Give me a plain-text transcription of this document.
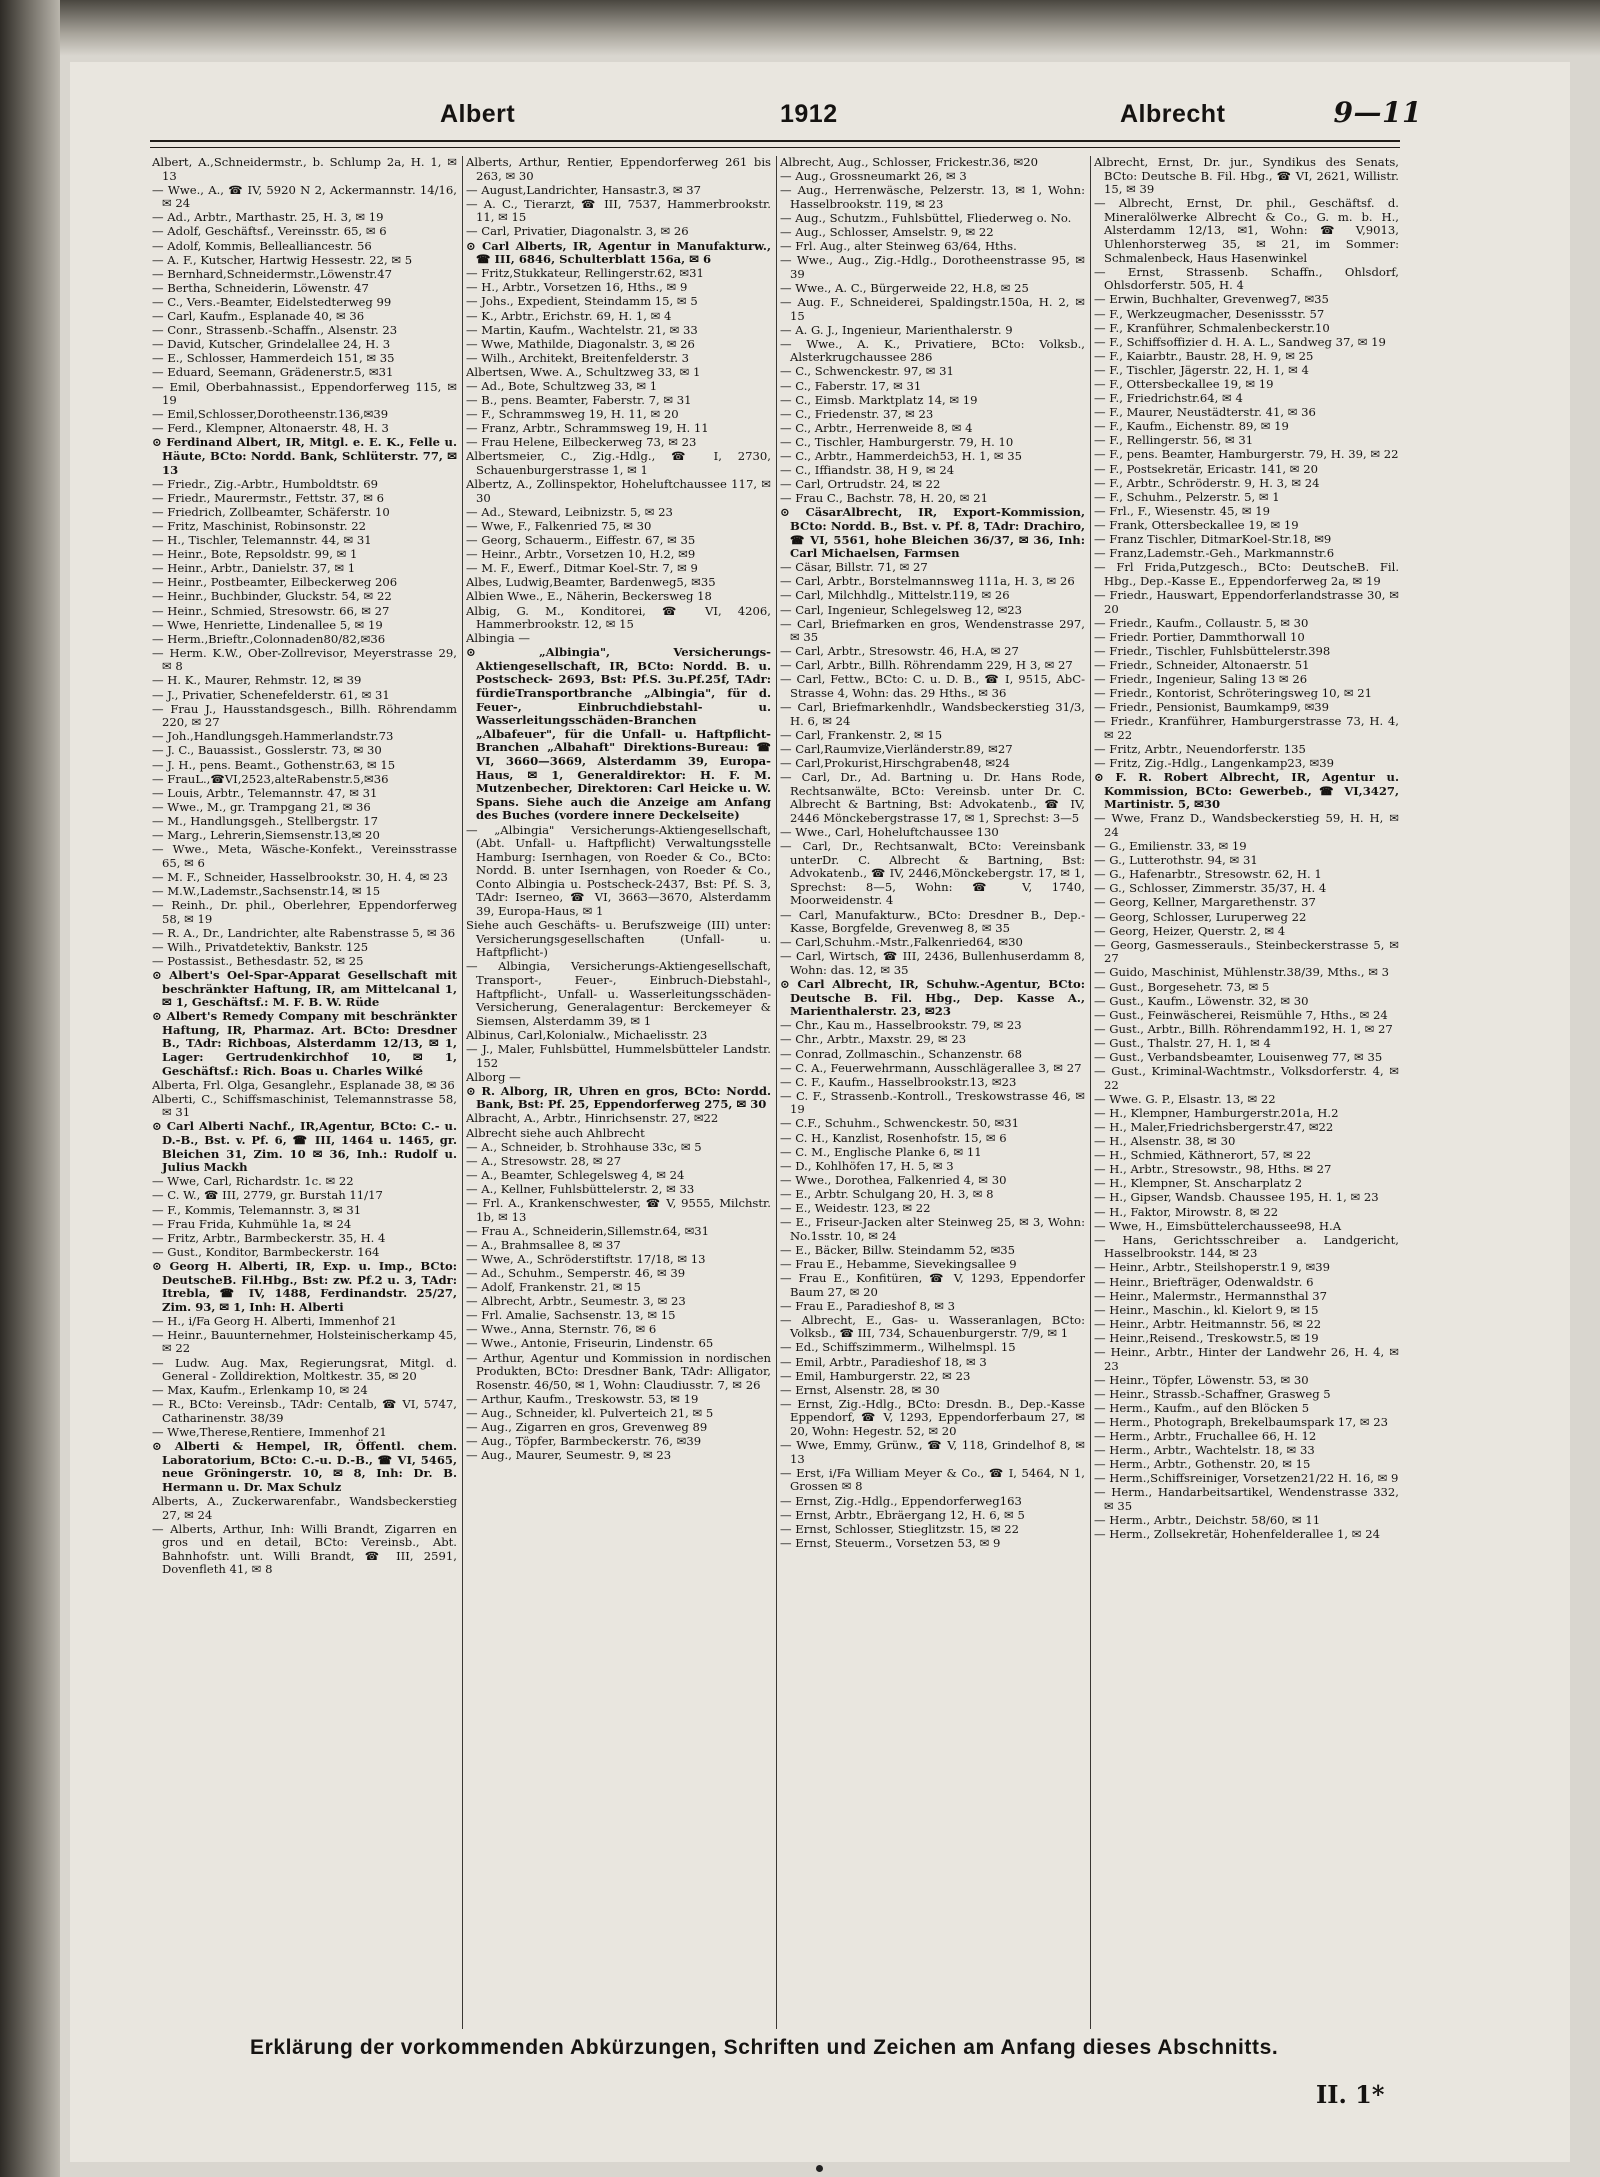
Albert	1912	Albrecht	9—11
Albert, A.,Schneidermstr., b. Schlump 2a, H. 1, ✉ 13
— Wwe., A., ☎ IV, 5920 N 2, Ackermannstr. 14/16, ✉ 24
— Ad., Arbtr., Marthastr. 25, H. 3, ✉ 19
— Adolf, Geschäftsf., Vereinsstr. 65, ✉ 6
— Adolf, Kommis, Bellealliancestr. 56
— A. F., Kutscher, Hartwig Hessestr. 22, ✉ 5
— Bernhard,Schneidermstr.,Löwenstr.47
— Bertha, Schneiderin, Löwenstr. 47
— C., Vers.-Beamter, Eidelstedterweg 99
— Carl, Kaufm., Esplanade 40, ✉ 36
— Conr., Strassenb.-Schaffn., Alsenstr. 23
— David, Kutscher, Grindelallee 24, H. 3
— E., Schlosser, Hammerdeich 151, ✉ 35
— Eduard, Seemann, Grädenerstr.5, ✉31
— Emil, Oberbahnassist., Eppendorferweg 115, ✉ 19
— Emil,Schlosser,Dorotheenstr.136,✉39
— Ferd., Klempner, Altonaerstr. 48, H. 3
⊙ Ferdinand Albert, IR, Mitgl. e. E. K., Felle u. Häute, BCto: Nordd. Bank, Schlüterstr. 77, ✉ 13
— Friedr., Zig.-Arbtr., Humboldtstr. 69
— Friedr., Maurermstr., Fettstr. 37, ✉ 6
— Friedrich, Zollbeamter, Schäferstr. 10
— Fritz, Maschinist, Robinsonstr. 22
— H., Tischler, Telemannstr. 44, ✉ 31
— Heinr., Bote, Repsoldstr. 99, ✉ 1
— Heinr., Arbtr., Danielstr. 37, ✉ 1
— Heinr., Postbeamter, Eilbeckerweg 206
— Heinr., Buchbinder, Gluckstr. 54, ✉ 22
— Heinr., Schmied, Stresowstr. 66, ✉ 27
— Wwe, Henriette, Lindenallee 5, ✉ 19
— Herm.,Brieftr.,Colonnaden80/82,✉36
— Herm. K.W., Ober-Zollrevisor, Meyerstrasse 29, ✉ 8
— H. K., Maurer, Rehmstr. 12, ✉ 39
— J., Privatier, Schenefelderstr. 61, ✉ 31
— Frau J., Hausstandsgesch., Billh. Röhrendamm 220, ✉ 27
— Joh.,Handlungsgeh.Hammerlandstr.73
— J. C., Bauassist., Gosslerstr. 73, ✉ 30
— J. H., pens. Beamt., Gothenstr.63, ✉ 15
— FrauL.,☎VI,2523,alteRabenstr.5,✉36
— Louis, Arbtr., Telemannstr. 47, ✉ 31
— Wwe., M., gr. Trampgang 21, ✉ 36
— M., Handlungsgeh., Stellbergstr. 17
— Marg., Lehrerin,Siemsenstr.13,✉ 20
— Wwe., Meta, Wäsche-Konfekt., Vereinsstrasse 65, ✉ 6
— M. F., Schneider, Hasselbrookstr. 30, H. 4, ✉ 23
— M.W.,Lademstr.,Sachsenstr.14, ✉ 15
— Reinh., Dr. phil., Oberlehrer, Eppendorferweg 58, ✉ 19
— R. A., Dr., Landrichter, alte Rabenstrasse 5, ✉ 36
— Wilh., Privatdetektiv, Bankstr. 125
— Postassist., Bethesdastr. 52, ✉ 25
⊙ Albert's Oel-Spar-Apparat Gesellschaft mit beschränkter Haftung, IR, am Mittelcanal 1, ✉ 1, Geschäftsf.: M. F. B. W. Rüde
⊙ Albert's Remedy Company mit beschränkter Haftung, IR, Pharmaz. Art. BCto: Dresdner B., TAdr: Richboas, Alsterdamm 12/13, ✉ 1, Lager: Gertrudenkirchhof 10, ✉ 1, Geschäftsf.: Rich. Boas u. Charles Wilké
Alberta, Frl. Olga, Gesanglehr., Esplanade 38, ✉ 36
Alberti, C., Schiffsmaschinist, Telemannstrasse 58, ✉ 31
⊙ Carl Alberti Nachf., IR,Agentur, BCto: C.- u. D.-B., Bst. v. Pf. 6, ☎ III, 1464 u. 1465, gr. Bleichen 31, Zim. 10 ✉ 36, Inh.: Rudolf u. Julius Mackh
— Wwe, Carl, Richardstr. 1c. ✉ 22
— C. W., ☎ III, 2779, gr. Burstah 11/17
— F., Kommis, Telemannstr. 3, ✉ 31
— Frau Frida, Kuhmühle 1a, ✉ 24
— Fritz, Arbtr., Barmbeckerstr. 35, H. 4
— Gust., Konditor, Barmbeckerstr. 164
⊙ Georg H. Alberti, IR, Exp. u. Imp., BCto: DeutscheB. Fil.Hbg., Bst: zw. Pf.2 u. 3, TAdr: Itrebla, ☎ IV, 1488, Ferdinandstr. 25/27, Zim. 93, ✉ 1, Inh: H. Alberti
— H., i/Fa Georg H. Alberti, Immenhof 21
— Heinr., Bauunternehmer, Holsteinischerkamp 45, ✉ 22
— Ludw. Aug. Max, Regierungsrat, Mitgl. d. General - Zolldirektion, Moltkestr. 35, ✉ 20
— Max, Kaufm., Erlenkamp 10, ✉ 24
— R., BCto: Vereinsb., TAdr: Centalb, ☎ VI, 5747, Catharinenstr. 38/39
— Wwe,Therese,Rentiere, Immenhof 21
⊙ Alberti & Hempel, IR, Öffentl. chem. Laboratorium, BCto: C.-u. D.-B., ☎ VI, 5465, neue Gröningerstr. 10, ✉ 8, Inh: Dr. B. Hermann u. Dr. Max Schulz
Alberts, A., Zuckerwarenfabr., Wandsbeckerstieg 27, ✉ 24
— Alberts, Arthur, Inh: Willi Brandt, Zigarren en gros und en detail, BCto: Vereinsb., Abt. Bahnhofstr. unt. Willi Brandt, ☎ III, 2591, Dovenfleth 41, ✉ 8
Alberts, Arthur, Rentier, Eppendorferweg 261 bis 263, ✉ 30
— August,Landrichter, Hansastr.3, ✉ 37
— A. C., Tierarzt, ☎ III, 7537, Hammerbrookstr. 11, ✉ 15
— Carl, Privatier, Diagonalstr. 3, ✉ 26
⊙ Carl Alberts, IR, Agentur in Manufakturw., ☎ III, 6846, Schulterblatt 156a, ✉ 6
— Fritz,Stukkateur, Rellingerstr.62, ✉31
— H., Arbtr., Vorsetzen 16, Hths., ✉ 9
— Johs., Expedient, Steindamm 15, ✉ 5
— K., Arbtr., Erichstr. 69, H. 1, ✉ 4
— Martin, Kaufm., Wachtelstr. 21, ✉ 33
— Wwe, Mathilde, Diagonalstr. 3, ✉ 26
— Wilh., Architekt, Breitenfelderstr. 3
Albertsen, Wwe. A., Schultzweg 33, ✉ 1
— Ad., Bote, Schultzweg 33, ✉ 1
— B., pens. Beamter, Faberstr. 7, ✉ 31
— F., Schrammsweg 19, H. 11, ✉ 20
— Franz, Arbtr., Schrammsweg 19, H. 11
— Frau Helene, Eilbeckerweg 73, ✉ 23
Albertsmeier, C., Zig.-Hdlg., ☎ I, 2730, Schauenburgerstrasse 1, ✉ 1
Albertz, A., Zollinspektor, Hoheluftchaussee 117, ✉ 30
— Ad., Steward, Leibnizstr. 5, ✉ 23
— Wwe, F., Falkenried 75, ✉ 30
— Georg, Schauerm., Eiffestr. 67, ✉ 35
— Heinr., Arbtr., Vorsetzen 10, H.2, ✉9
— M. F., Ewerf., Ditmar Koel-Str. 7, ✉ 9
Albes, Ludwig,Beamter, Bardenweg5, ✉35
Albien Wwe., E., Näherin, Beckersweg 18
Albig, G. M., Konditorei, ☎ VI, 4206, Hammerbrookstr. 12, ✉ 15
Albingia —
⊙ „Albingia", Versicherungs-Aktiengesellschaft, IR, BCto: Nordd. B. u. Postscheck- 2693, Bst: Pf.S. 3u.Pf.25f, TAdr: fürdieTransportbranche „Albingia", für d. Feuer-, Einbruchdiebstahl- u. Wasserleitungsschäden-Branchen „Albafeuer", für die Unfall- u. Haftpflicht-Branchen „Albahaft" Direktions-Bureau: ☎ VI, 3660—3669, Alsterdamm 39, Europa-Haus, ✉ 1, Generaldirektor: H. F. M. Mutzenbecher, Direktoren: Carl Heicke u. W. Spans. Siehe auch die Anzeige am Anfang des Buches (vordere innere Deckelseite)
— „Albingia" Versicherungs-Aktiengesellschaft, (Abt. Unfall- u. Haftpflicht) Verwaltungsstelle Hamburg: Isernhagen, von Roeder & Co., BCto: Nordd. B. unter Isernhagen, von Roeder & Co., Conto Albingia u. Postscheck-2437, Bst: Pf. S. 3, TAdr: Iserneo, ☎ VI, 3663—3670, Alsterdamm 39, Europa-Haus, ✉ 1
Siehe auch Geschäfts- u. Berufszweige (III) unter: Versicherungsgesellschaften (Unfall- u. Haftpflicht-)
— Albingia, Versicherungs-Aktiengesellschaft, Transport-, Feuer-, Einbruch-Diebstahl-, Haftpflicht-, Unfall- u. Wasserleitungsschäden-Versicherung, Generalagentur: Berckemeyer & Siemsen, Alsterdamm 39, ✉ 1
Albinus, Carl,Kolonialw., Michaelisstr. 23
— J., Maler, Fuhlsbüttel, Hummelsbütteler Landstr. 152
Alborg —
⊙ R. Alborg, IR, Uhren en gros, BCto: Nordd. Bank, Bst: Pf. 25, Eppendorferweg 275, ✉ 30
Albracht, A., Arbtr., Hinrichsenstr. 27, ✉22
Albrecht siehe auch Ahlbrecht
— A., Schneider, b. Strohhause 33c, ✉ 5
— A., Stresowstr. 28, ✉ 27
— A., Beamter, Schlegelsweg 4, ✉ 24
— A., Kellner, Fuhlsbüttelerstr. 2, ✉ 33
— Frl. A., Krankenschwester, ☎ V, 9555, Milchstr. 1b, ✉ 13
— Frau A., Schneiderin,Sillemstr.64, ✉31
— A., Brahmsallee 8, ✉ 37
— Wwe, A., Schröderstiftstr. 17/18, ✉ 13
— Ad., Schuhm., Semperstr. 46, ✉ 39
— Adolf, Frankenstr. 21, ✉ 15
— Albrecht, Arbtr., Seumestr. 3, ✉ 23
— Frl. Amalie, Sachsenstr. 13, ✉ 15
— Wwe., Anna, Sternstr. 76, ✉ 6
— Wwe., Antonie, Friseurin, Lindenstr. 65
— Arthur, Agentur und Kommission in nordischen Produkten, BCto: Dresdner Bank, TAdr: Alligator, Rosenstr. 46/50, ✉ 1, Wohn: Claudiusstr. 7, ✉ 26
— Arthur, Kaufm., Treskowstr. 53, ✉ 19
— Aug., Schneider, kl. Pulverteich 21, ✉ 5
— Aug., Zigarren en gros, Grevenweg 89
— Aug., Töpfer, Barmbeckerstr. 76, ✉39
— Aug., Maurer, Seumestr. 9, ✉ 23
Albrecht, Aug., Schlosser, Frickestr.36, ✉20
— Aug., Grossneumarkt 26, ✉ 3
— Aug., Herrenwäsche, Pelzerstr. 13, ✉ 1, Wohn: Hasselbrookstr. 119, ✉ 23
— Aug., Schutzm., Fuhlsbüttel, Fliederweg o. No.
— Aug., Schlosser, Amselstr. 9, ✉ 22
— Frl. Aug., alter Steinweg 63/64, Hths.
— Wwe., Aug., Zig.-Hdlg., Dorotheenstrasse 95, ✉ 39
— Wwe., A. C., Bürgerweide 22, H.8, ✉ 25
— Aug. F., Schneiderei, Spaldingstr.150a, H. 2, ✉ 15
— A. G. J., Ingenieur, Marienthalerstr. 9
— Wwe., A. K., Privatiere, BCto: Volksb., Alsterkrugchaussee 286
— C., Schwenckestr. 97, ✉ 31
— C., Faberstr. 17, ✉ 31
— C., Eimsb. Marktplatz 14, ✉ 19
— C., Friedenstr. 37, ✉ 23
— C., Arbtr., Herrenweide 8, ✉ 4
— C., Tischler, Hamburgerstr. 79, H. 10
— C., Arbtr., Hammerdeich53, H. 1, ✉ 35
— C., Iffiandstr. 38, H 9, ✉ 24
— Carl, Ortrudstr. 24, ✉ 22
— Frau C., Bachstr. 78, H. 20, ✉ 21
⊙ CäsarAlbrecht, IR, Export-Kommission, BCto: Nordd. B., Bst. v. Pf. 8, TAdr: Drachiro, ☎ VI, 5561, hohe Bleichen 36/37, ✉ 36, Inh: Carl Michaelsen, Farmsen
— Cäsar, Billstr. 71, ✉ 27
— Carl, Arbtr., Borstelmannsweg 111a, H. 3, ✉ 26
— Carl, Milchhdlg., Mittelstr.119, ✉ 26
— Carl, Ingenieur, Schlegelsweg 12, ✉23
— Carl, Briefmarken en gros, Wendenstrasse 297, ✉ 35
— Carl, Arbtr., Stresowstr. 46, H.A, ✉ 27
— Carl, Arbtr., Billh. Röhrendamm 229, H 3, ✉ 27
— Carl, Fettw., BCto: C. u. D. B., ☎ I, 9515, AbC-Strasse 4, Wohn: das. 29 Hths., ✉ 36
— Carl, Briefmarkenhdlr., Wandsbeckerstieg 31/3, H. 6, ✉ 24
— Carl, Frankenstr. 2, ✉ 15
— Carl,Raumvize,Vierländerstr.89, ✉27
— Carl,Prokurist,Hirschgraben48, ✉24
— Carl, Dr., Ad. Bartning u. Dr. Hans Rode, Rechtsanwälte, BCto: Vereinsb. unter Dr. C. Albrecht & Bartning, Bst: Advokatenb., ☎ IV, 2446 Mönckebergstrasse 17, ✉ 1, Sprechst: 3—5
— Wwe., Carl, Hoheluftchaussee 130
— Carl, Dr., Rechtsanwalt, BCto: Vereinsbank unterDr. C. Albrecht & Bartning, Bst: Advokatenb., ☎ IV, 2446,Mönckebergstr. 17, ✉ 1, Sprechst: 8—5, Wohn: ☎ V, 1740, Moorweidenstr. 4
— Carl, Manufakturw., BCto: Dresdner B., Dep.-Kasse, Borgfelde, Grevenweg 8, ✉ 35
— Carl,Schuhm.-Mstr.,Falkenried64, ✉30
— Carl, Wirtsch, ☎ III, 2436, Bullenhuserdamm 8, Wohn: das. 12, ✉ 35
⊙ Carl Albrecht, IR, Schuhw.-Agentur, BCto: Deutsche B. Fil. Hbg., Dep. Kasse A., Marienthalerstr. 23, ✉23
— Chr., Kau m., Hasselbrookstr. 79, ✉ 23
— Chr., Arbtr., Maxstr. 29, ✉ 23
— Conrad, Zollmaschin., Schanzenstr. 68
— C. A., Feuerwehrmann, Ausschlägerallee 3, ✉ 27
— C. F., Kaufm., Hasselbrookstr.13, ✉23
— C. F., Strassenb.-Kontroll., Treskowstrasse 46, ✉ 19
— C.F., Schuhm., Schwenckestr. 50, ✉31
— C. H., Kanzlist, Rosenhofstr. 15, ✉ 6
— C. M., Englische Planke 6, ✉ 11
— D., Kohlhöfen 17, H. 5, ✉ 3
— Wwe., Dorothea, Falkenried 4, ✉ 30
— E., Arbtr. Schulgang 20, H. 3, ✉ 8
— E., Weidestr. 123, ✉ 22
— E., Friseur-Jacken alter Steinweg 25, ✉ 3, Wohn: No.1sstr. 10, ✉ 24
— E., Bäcker, Billw. Steindamm 52, ✉35
— Frau E., Hebamme, Sievekingsallee 9
— Frau E., Konfitüren, ☎ V, 1293, Eppendorfer Baum 27, ✉ 20
— Frau E., Paradieshof 8, ✉ 3
— Albrecht, E., Gas- u. Wasseranlagen, BCto: Volksb., ☎ III, 734, Schauenburgerstr. 7/9, ✉ 1
— Ed., Schiffszimmerm., Wilhelmspl. 15
— Emil, Arbtr., Paradieshof 18, ✉ 3
— Emil, Hamburgerstr. 22, ✉ 23
— Ernst, Alsenstr. 28, ✉ 30
— Ernst, Zig.-Hdlg., BCto: Dresdn. B., Dep.-Kasse Eppendorf, ☎ V, 1293, Eppendorferbaum 27, ✉ 20, Wohn: Hegestr. 52, ✉ 20
— Wwe, Emmy, Grünw., ☎ V, 118, Grindelhof 8, ✉ 13
— Erst, i/Fa William Meyer & Co., ☎ I, 5464, N 1, Grossen ✉ 8
— Ernst, Zig.-Hdlg., Eppendorferweg163
— Ernst, Arbtr., Ebräergang 12, H. 6, ✉ 5
— Ernst, Schlosser, Stieglitzstr. 15, ✉ 22
— Ernst, Steuerm., Vorsetzen 53, ✉ 9
Albrecht, Ernst, Dr. jur., Syndikus des Senats, BCto: Deutsche B. Fil. Hbg., ☎ VI, 2621, Willistr. 15, ✉ 39
— Albrecht, Ernst, Dr. phil., Geschäftsf. d. Mineralölwerke Albrecht & Co., G. m. b. H., Alsterdamm 12/13, ✉1, Wohn: ☎ V,9013, Uhlenhorsterweg 35, ✉ 21, im Sommer: Schmalenbeck, Haus Hasenwinkel
— Ernst, Strassenb. Schaffn., Ohlsdorf, Ohlsdorferstr. 505, H. 4
— Erwin, Buchhalter, Grevenweg7, ✉35
— F., Werkzeugmacher, Desenissstr. 57
— F., Kranführer, Schmalenbeckerstr.10
— F., Schiffsoffizier d. H. A. L., Sandweg 37, ✉ 19
— F., Kaiarbtr., Baustr. 28, H. 9, ✉ 25
— F., Tischler, Jägerstr. 22, H. 1, ✉ 4
— F., Ottersbeckallee 19, ✉ 19
— F., Friedrichstr.64, ✉ 4
— F., Maurer, Neustädterstr. 41, ✉ 36
— F., Kaufm., Eichenstr. 89, ✉ 19
— F., Rellingerstr. 56, ✉ 31
— F., pens. Beamter, Hamburgerstr. 79, H. 39, ✉ 22
— F., Postsekretär, Ericastr. 141, ✉ 20
— F., Arbtr., Schröderstr. 9, H. 3, ✉ 24
— F., Schuhm., Pelzerstr. 5, ✉ 1
— Frl., F., Wiesenstr. 45, ✉ 19
— Frank, Ottersbeckallee 19, ✉ 19
— Franz Tischler, DitmarKoel-Str.18, ✉9
— Franz,Lademstr.-Geh., Markmannstr.6
— Frl Frida,Putzgesch., BCto: DeutscheB. Fil. Hbg., Dep.-Kasse E., Eppendorferweg 2a, ✉ 19
— Friedr., Hauswart, Eppendorferlandstrasse 30, ✉ 20
— Friedr., Kaufm., Collaustr. 5, ✉ 30
— Friedr. Portier, Dammthorwall 10
— Friedr., Tischler, Fuhlsbüttelerstr.398
— Friedr., Schneider, Altonaerstr. 51
— Friedr., Ingenieur, Saling 13 ✉ 26
— Friedr., Kontorist, Schröteringsweg 10, ✉ 21
— Friedr., Pensionist, Baumkamp9, ✉39
— Friedr., Kranführer, Hamburgerstrasse 73, H. 4, ✉ 22
— Fritz, Arbtr., Neuendorferstr. 135
— Fritz, Zig.-Hdlg., Langenkamp23, ✉39
⊙ F. R. Robert Albrecht, IR, Agentur u. Kommission, BCto: Gewerbeb., ☎ VI,3427, Martinistr. 5, ✉30
— Wwe, Franz D., Wandsbeckerstieg 59, H. H, ✉ 24
— G., Emilienstr. 33, ✉ 19
— G., Lutterothstr. 94, ✉ 31
— G., Hafenarbtr., Stresowstr. 62, H. 1
— G., Schlosser, Zimmerstr. 35/37, H. 4
— Georg, Kellner, Margarethenstr. 37
— Georg, Schlosser, Luruperweg 22
— Georg, Heizer, Querstr. 2, ✉ 4
— Georg, Gasmesserauls., Steinbeckerstrasse 5, ✉ 27
— Guido, Maschinist, Mühlenstr.38/39, Mths., ✉ 3
— Gust., Borgesehetr. 73, ✉ 5
— Gust., Kaufm., Löwenstr. 32, ✉ 30
— Gust., Feinwäscherei, Reismühle 7, Hths., ✉ 24
— Gust., Arbtr., Billh. Röhrendamm192, H. 1, ✉ 27
— Gust., Thalstr. 27, H. 1, ✉ 4
— Gust., Verbandsbeamter, Louisenweg 77, ✉ 35
— Gust., Kriminal-Wachtmstr., Volksdorferstr. 4, ✉ 22
— Wwe. G. P., Elsastr. 13, ✉ 22
— H., Klempner, Hamburgerstr.201a, H.2
— H., Maler,Friedrichsbergerstr.47, ✉22
— H., Alsenstr. 38, ✉ 30
— H., Schmied, Käthnerort, 57, ✉ 22
— H., Arbtr., Stresowstr., 98, Hths. ✉ 27
— H., Klempner, St. Anscharplatz 2
— H., Gipser, Wandsb. Chaussee 195, H. 1, ✉ 23
— H., Faktor, Mirowstr. 8, ✉ 22
— Wwe, H., Eimsbüttelerchaussee98, H.A
— Hans, Gerichtsschreiber a. Landgericht, Hasselbrookstr. 144, ✉ 23
— Heinr., Arbtr., Steilshoperstr.1 9, ✉39
— Heinr., Briefträger, Odenwaldstr. 6
— Heinr., Malermstr., Hermannsthal 37
— Heinr., Maschin., kl. Kielort 9, ✉ 15
— Heinr., Arbtr. Heitmannstr. 56, ✉ 22
— Heinr.,Reisend., Treskowstr.5, ✉ 19
— Heinr., Arbtr., Hinter der Landwehr 26, H. 4, ✉ 23
— Heinr., Töpfer, Löwenstr. 53, ✉ 30
— Heinr., Strassb.-Schaffner, Grasweg 5
— Herm., Kaufm., auf den Blöcken 5
— Herm., Photograph, Brekelbaumspark 17, ✉ 23
— Herm., Arbtr., Fruchallee 66, H. 12
— Herm., Arbtr., Wachtelstr. 18, ✉ 33
— Herm., Arbtr., Gothenstr. 20, ✉ 15
— Herm.,Schiffsreiniger, Vorsetzen21/22 H. 16, ✉ 9
— Herm., Handarbeitsartikel, Wendenstrasse 332, ✉ 35
— Herm., Arbtr., Deichstr. 58/60, ✉ 11
— Herm., Zollsekretär, Hohenfelderallee 1, ✉ 24
Erklärung der vorkommenden Abkürzungen, Schriften und Zeichen am Anfang dieses Abschnitts.
II. 1*
